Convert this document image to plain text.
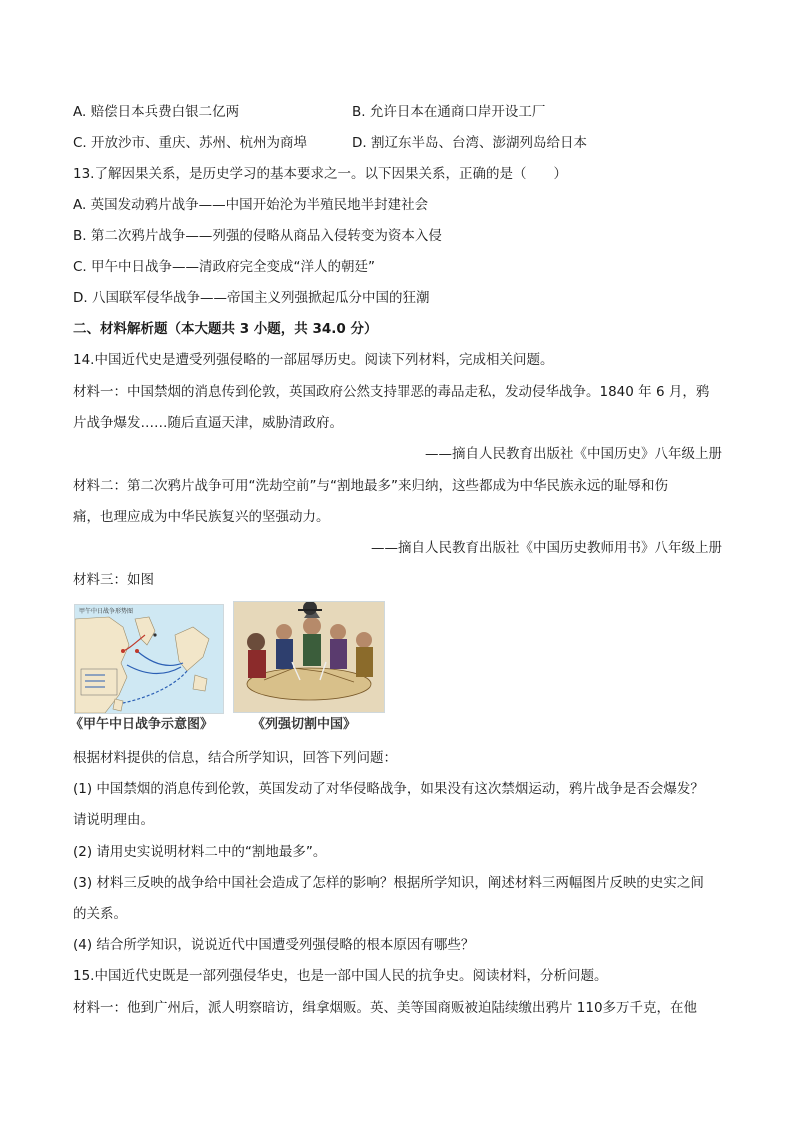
A. 赔偿日本兵费白银二亿两	B. 允许日本在通商口岸开设工厂
C. 开放沙市、重庆、苏州、杭州为商埠	D. 割辽东半岛、台湾、澎湖列岛给日本
13.了解因果关系，是历史学习的基本要求之一。以下因果关系，正确的是（　　）
A. 英国发动鸦片战争——中国开始沦为半殖民地半封建社会
B. 第二次鸦片战争——列强的侵略从商品入侵转变为资本入侵
C. 甲午中日战争——清政府完全变成“洋人的朝廷”
D. 八国联军侵华战争——帝国主义列强掀起瓜分中国的狂潮
二、材料解析题（本大题共 3 小题，共 34.0 分）
14.中国近代史是遭受列强侵略的一部屈辱历史。阅读下列材料，完成相关问题。
材料一：中国禁烟的消息传到伦敦，英国政府公然支持罪恶的毒品走私，发动侵华战争。1840 年 6 月，鸦
片战争爆发……随后直逼天津，威胁清政府。
——摘自人民教育出版社《中国历史》八年级上册
材料二：第二次鸦片战争可用“洗劫空前”与“割地最多”来归纳，这些都成为中华民族永远的耻辱和伤
痛，也理应成为中华民族复兴的坚强动力。
——摘自人民教育出版社《中国历史教师用书》八年级上册
材料三：如图
甲午中日战争形势图
《甲午中日战争示意图》	《列强切割中国》
根据材料提供的信息，结合所学知识，回答下列问题：
(1) 中国禁烟的消息传到伦敦，英国发动了对华侵略战争，如果没有这次禁烟运动，鸦片战争是否会爆发？
请说明理由。
(2) 请用史实说明材料二中的“割地最多”。
(3) 材料三反映的战争给中国社会造成了怎样的影响？根据所学知识，阐述材料三两幅图片反映的史实之间
的关系。
(4) 结合所学知识，说说近代中国遭受列强侵略的根本原因有哪些？
15.中国近代史既是一部列强侵华史，也是一部中国人民的抗争史。阅读材料，分析问题。
材料一：他到广州后，派人明察暗访，缉拿烟贩。英、美等国商贩被迫陆续缴出鸦片 110多万千克，在他
